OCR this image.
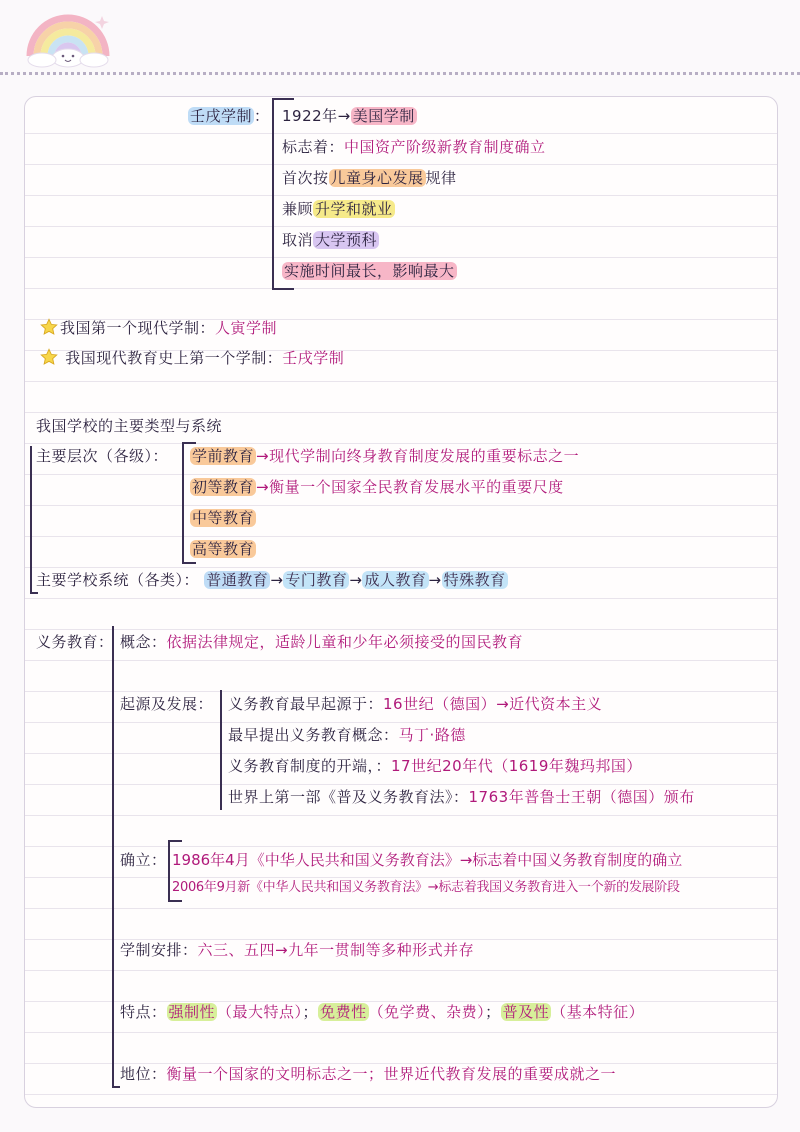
壬戌学制 ： 1922年→ 美国学制
标志着：中国资产阶级新教育制度确立
首次按 儿童身心发展 规律
兼顾 升学和就业
取消 大学预科
实施时间最长，影响最大
我国第一个现代学制：人寅学制
我国现代教育史上第一个学制：壬戌学制
我国学校的主要类型与系统
主要层次（各级）： 学前教育 →现代学制向终身教育制度发展的重要标志之一
初等教育 →衡量一个国家全民教育发展水平的重要尺度
中等教育
高等教育
主要学校系统（各类）： 普通教育 → 专门教育 → 成人教育 → 特殊教育
义务教育： 概念：依据法律规定，适龄儿童和少年必须接受的国民教育
起源及发展： 义务教育最早起源于：16世纪（德国）→近代资本主义
最早提出义务教育概念：马丁·路德
义务教育制度的开端，：17世纪20年代（1619年魏玛邦国）
世界上第一部《普及义务教育法》：1763年普鲁士王朝（德国）颁布
确立： 1986年4月《中华人民共和国义务教育法》→标志着中国义务教育制度的确立
2006年9月新《中华人民共和国义务教育法》→标志着我国义务教育进入一个新的发展阶段
学制安排：六三、五四→九年一贯制等多种形式并存
特点： 强制性 （最大特点）； 免费性 （免学费、杂费）； 普及性 （基本特征）
地位：衡量一个国家的文明标志之一；世界近代教育发展的重要成就之一
